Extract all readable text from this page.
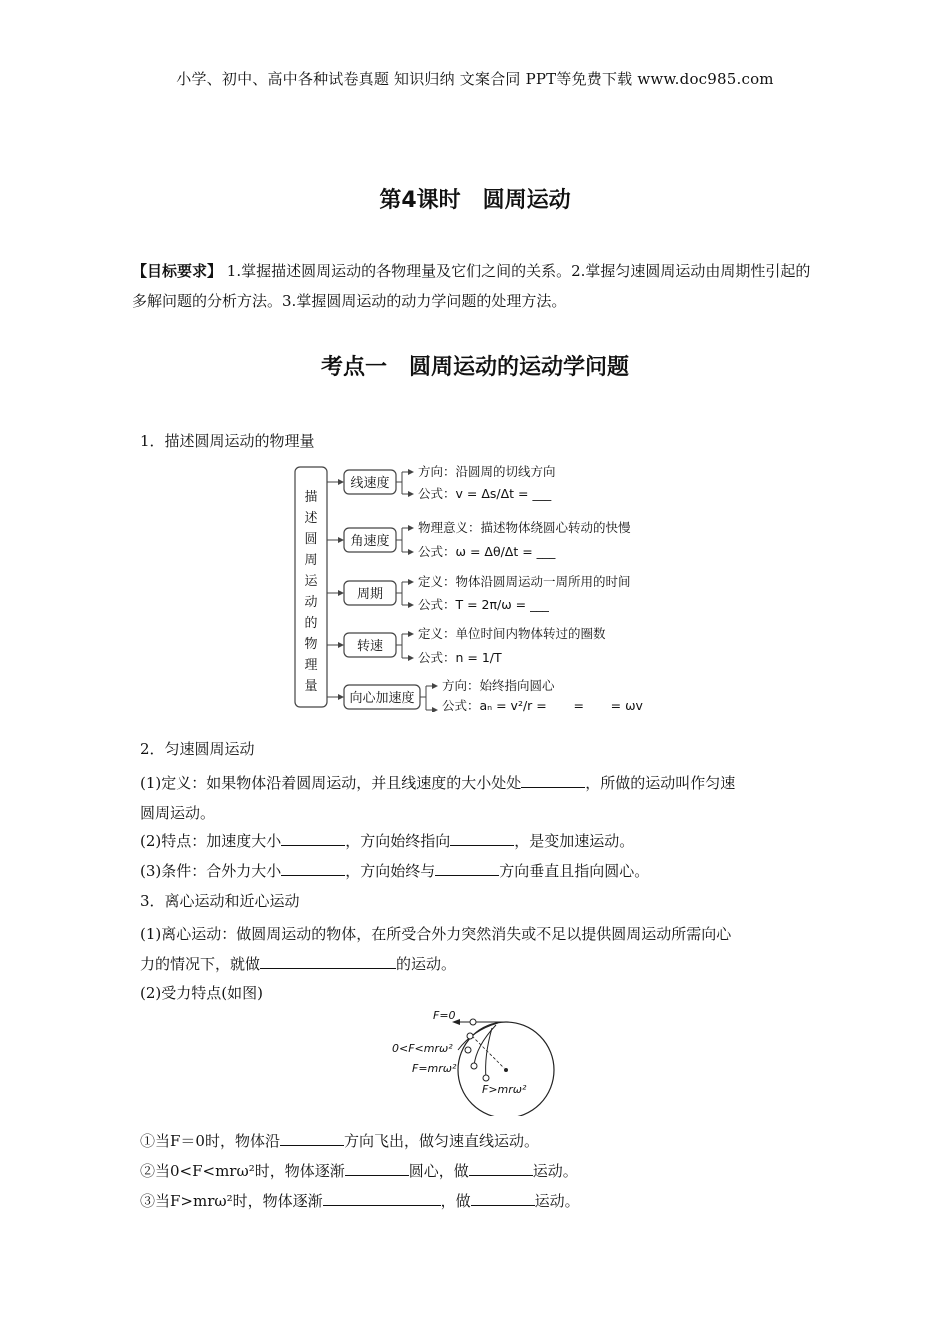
小学、初中、高中各种试卷真题 知识归纳 文案合同 PPT等免费下载 www.doc985.com
第4课时　圆周运动
【目标要求】 1.掌握描述圆周运动的各物理量及它们之间的关系。2.掌握匀速圆周运动由周期性引起的多解问题的分析方法。3.掌握圆周运动的动力学问题的处理方法。
考点一　圆周运动的运动学问题
1．描述圆周运动的物理量
描
述
圆
周
运
动
的
物
理
量
线速度
角速度
周期
转速
向心加速度
方向：沿圆周的切线方向
公式：v = Δs/Δt = ___
物理意义：描述物体绕圆心转动的快慢
公式：ω = Δθ/Δt = ___
定义：物体沿圆周运动一周所用的时间
公式：T = 2π/ω = ___
定义：单位时间内物体转过的圈数
公式：n = 1/T
方向：始终指向圆心
公式：aₙ = v²/r = ___ = ___ = ωv
2．匀速圆周运动
(1)定义：如果物体沿着圆周运动，并且线速度的大小处处	，所做的运动叫作匀速
圆周运动。
(2)特点：加速度大小	，方向始终指向	，是变加速运动。
(3)条件：合外力大小	，方向始终与	方向垂直且指向圆心。
3．离心运动和近心运动
(1)离心运动：做圆周运动的物体，在所受合外力突然消失或不足以提供圆周运动所需向心
力的情况下，就做	的运动。
(2)受力特点(如图)
F=0
0<F<mrω²
F=mrω²
F>mrω²
①当F＝0时，物体沿	方向飞出，做匀速直线运动。
②当0<F<mrω²时，物体逐渐	圆心，做	运动。
③当F>mrω²时，物体逐渐	，做	运动。
